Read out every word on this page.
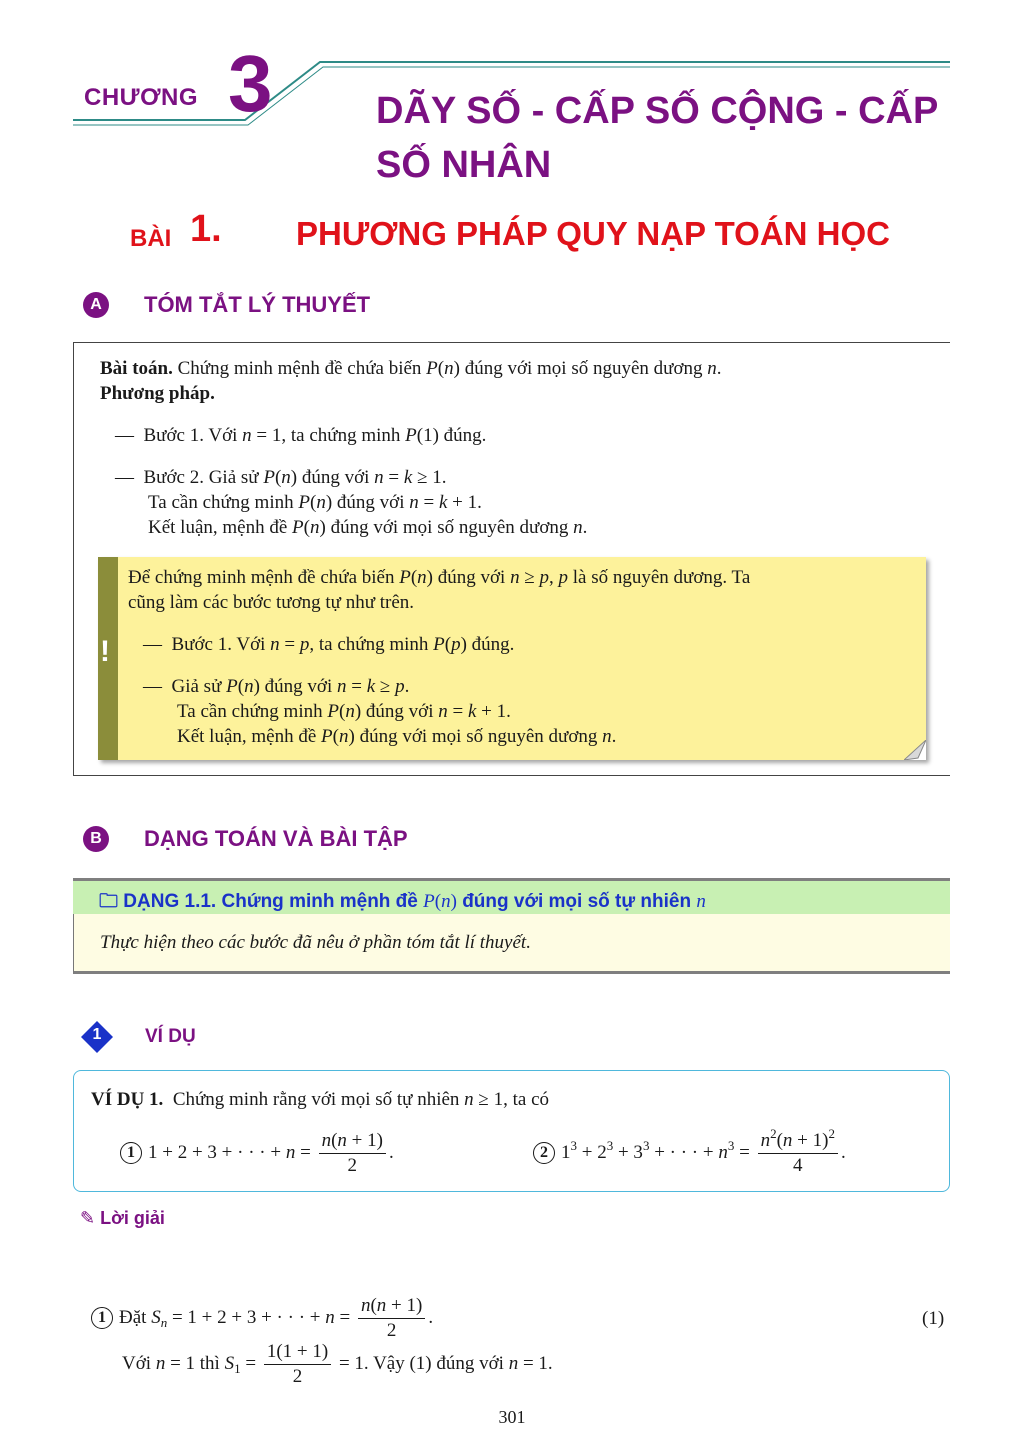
CHƯƠNG 3	DÃY SỐ - CẤP SỐ CỘNG - CẤP SỐ NHÂN
BÀI 1. PHƯƠNG PHÁP QUY NẠP TOÁN HỌC
A	TÓM TẮT LÝ THUYẾT
Bài toán. Chứng minh mệnh đề chứa biến P(n) đúng với mọi số nguyên dương n.
Phương pháp.
— Bước 1. Với n = 1, ta chứng minh P(1) đúng.
— Bước 2. Giả sử P(n) đúng với n = k ≥ 1.
Ta cần chứng minh P(n) đúng với n = k + 1.
Kết luận, mệnh đề P(n) đúng với mọi số nguyên dương n.
!
Để chứng minh mệnh đề chứa biến P(n) đúng với n ≥ p, p là số nguyên dương. Ta
cũng làm các bước tương tự như trên.
— Bước 1. Với n = p, ta chứng minh P(p) đúng.
— Giả sử P(n) đúng với n = k ≥ p.
Ta cần chứng minh P(n) đúng với n = k + 1.
Kết luận, mệnh đề P(n) đúng với mọi số nguyên dương n.
B	DẠNG TOÁN VÀ BÀI TẬP
🗀 DẠNG 1.1. Chứng minh mệnh đề P(n) đúng với mọi số tự nhiên n
Thực hiện theo các bước đã nêu ở phần tóm tắt lí thuyết.
1	VÍ DỤ
VÍ DỤ 1. Chứng minh rằng với mọi số tự nhiên n ≥ 1, ta có
1 1 + 2 + 3 + · · · + $n = \frac{n(n + 1)}{2}$ .	2 $1^3 + 2^3 + 3^3$ + · · · + $n^3 = \frac{n^2(n + 1)^2}{4}$ .
✎ Lời giải
1 Đặt $S_n = 1 + 2 + 3$ + · · · + $n = \frac{n(n + 1)}{2}$ .	(1)
Với n = 1 thì $S_1 = \frac{1(1 + 1)}{2} = 1$. Vậy (1) đúng với n = 1.
301
